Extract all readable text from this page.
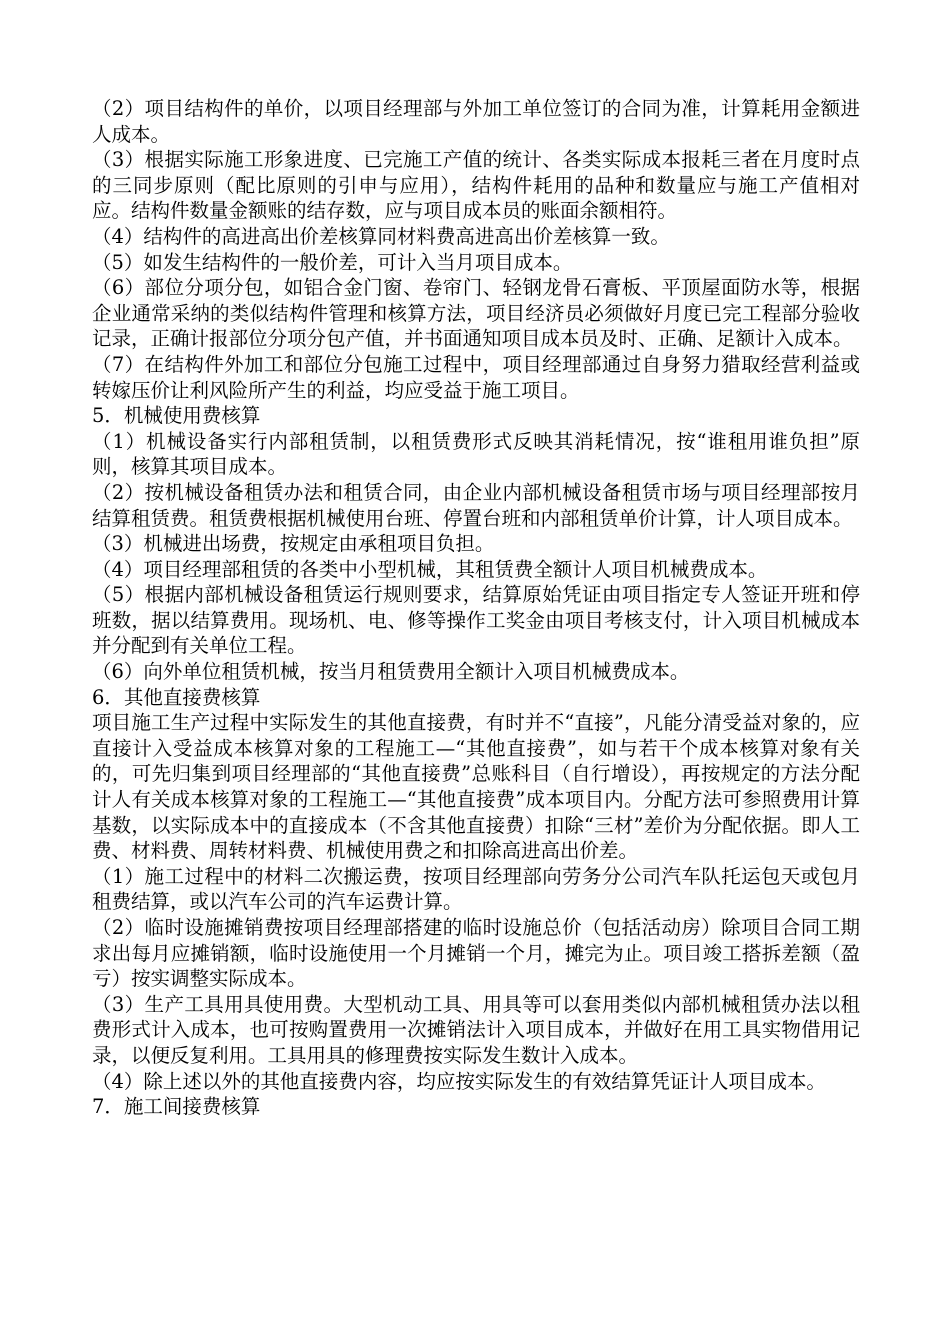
（2）项目结构件的单价，以项目经理部与外加工单位签订的合同为准，计算耗用金额进人成本。

（3）根据实际施工形象进度、已完施工产值的统计、各类实际成本报耗三者在月度时点的三同步原则（配比原则的引申与应用），结构件耗用的品种和数量应与施工产值相对应。结构件数量金额账的结存数，应与项目成本员的账面余额相符。

（4）结构件的高进高出价差核算同材料费高进高出价差核算一致。

（5）如发生结构件的一般价差，可计入当月项目成本。

（6）部位分项分包，如铝合金门窗、卷帘门、轻钢龙骨石膏板、平顶屋面防水等，根据企业通常采纳的类似结构件管理和核算方法，项目经济员必须做好月度已完工程部分验收记录，正确计报部位分项分包产值，并书面通知项目成本员及时、正确、足额计入成本。

（7）在结构件外加工和部位分包施工过程中，项目经理部通过自身努力猎取经营利益或转嫁压价让利风险所产生的利益，均应受益于施工项目。

5．机械使用费核算

（1）机械设备实行内部租赁制，以租赁费形式反映其消耗情况，按“谁租用谁负担”原则，核算其项目成本。

（2）按机械设备租赁办法和租赁合同，由企业内部机械设备租赁市场与项目经理部按月结算租赁费。租赁费根据机械使用台班、停置台班和内部租赁单价计算，计人项目成本。

（3）机械进出场费，按规定由承租项目负担。

（4）项目经理部租赁的各类中小型机械，其租赁费全额计人项目机械费成本。

（5）根据内部机械设备租赁运行规则要求，结算原始凭证由项目指定专人签证开班和停班数，据以结算费用。现场机、电、修等操作工奖金由项目考核支付，计入项目机械成本并分配到有关单位工程。

（6）向外单位租赁机械，按当月租赁费用全额计入项目机械费成本。

6．其他直接费核算

项目施工生产过程中实际发生的其他直接费，有时并不“直接”，凡能分清受益对象的，应直接计入受益成本核算对象的工程施工—“其他直接费”，如与若干个成本核算对象有关的，可先归集到项目经理部的“其他直接费”总账科目（自行增设），再按规定的方法分配计人有关成本核算对象的工程施工—“其他直接费”成本项目内。分配方法可参照费用计算基数，以实际成本中的直接成本（不含其他直接费）扣除“三材”差价为分配依据。即人工费、材料费、周转材料费、机械使用费之和扣除高进高出价差。

（1）施工过程中的材料二次搬运费，按项目经理部向劳务分公司汽车队托运包天或包月租费结算，或以汽车公司的汽车运费计算。

（2）临时设施摊销费按项目经理部搭建的临时设施总价（包括活动房）除项目合同工期求出每月应摊销额，临时设施使用一个月摊销一个月，摊完为止。项目竣工搭拆差额（盈亏）按实调整实际成本。

（3）生产工具用具使用费。大型机动工具、用具等可以套用类似内部机械租赁办法以租费形式计入成本，也可按购置费用一次摊销法计入项目成本，并做好在用工具实物借用记录，以便反复利用。工具用具的修理费按实际发生数计入成本。

（4）除上述以外的其他直接费内容，均应按实际发生的有效结算凭证计人项目成本。

7．施工间接费核算
